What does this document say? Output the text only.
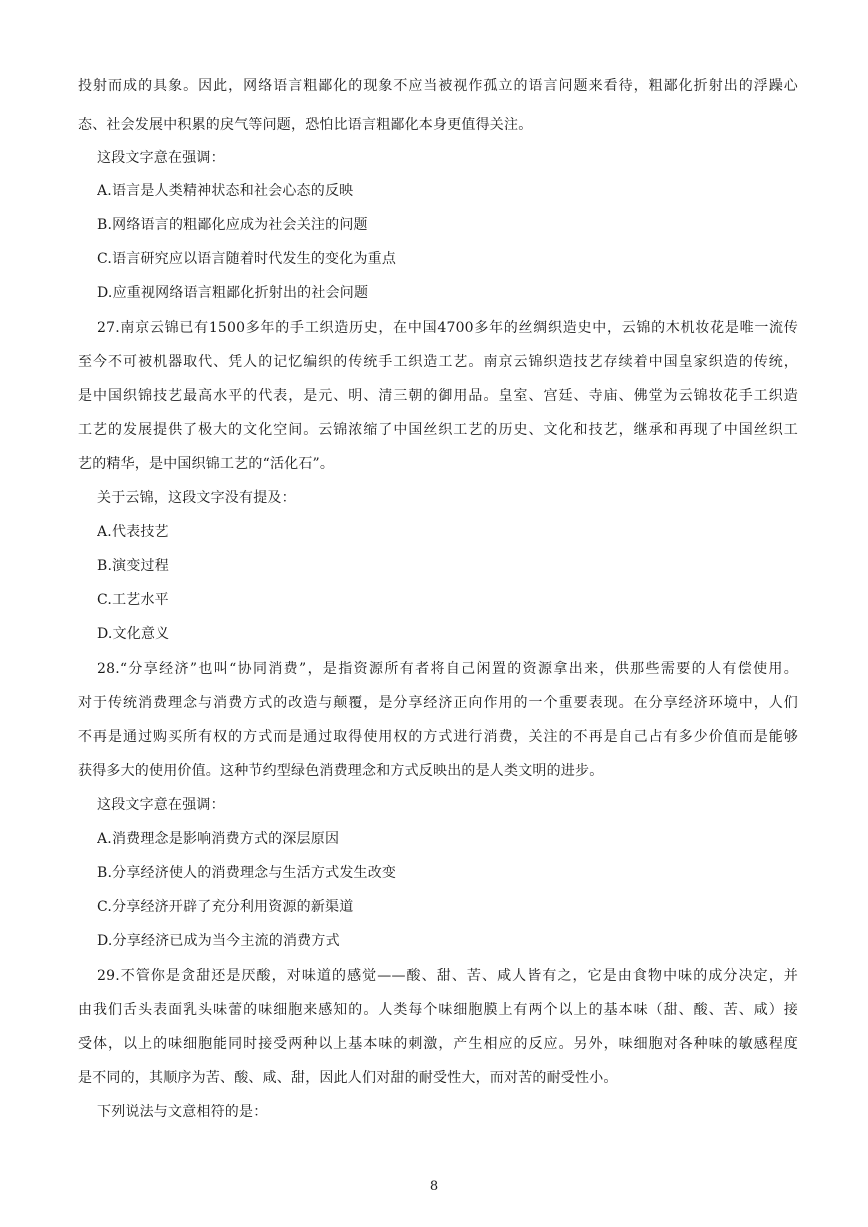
投射而成的具象。因此，网络语言粗鄙化的现象不应当被视作孤立的语言问题来看待，粗鄙化折射出的浮躁心
态、社会发展中积累的戾气等问题，恐怕比语言粗鄙化本身更值得关注。
这段文字意在强调：
A.语言是人类精神状态和社会心态的反映
B.网络语言的粗鄙化应成为社会关注的问题
C.语言研究应以语言随着时代发生的变化为重点
D.应重视网络语言粗鄙化折射出的社会问题
27.南京云锦已有1500多年的手工织造历史，在中国4700多年的丝绸织造史中，云锦的木机妆花是唯一流传
至今不可被机器取代、凭人的记忆编织的传统手工织造工艺。南京云锦织造技艺存续着中国皇家织造的传统，
是中国织锦技艺最高水平的代表，是元、明、清三朝的御用品。皇室、宫廷、寺庙、佛堂为云锦妆花手工织造
工艺的发展提供了极大的文化空间。云锦浓缩了中国丝织工艺的历史、文化和技艺，继承和再现了中国丝织工
艺的精华，是中国织锦工艺的“活化石”。
关于云锦，这段文字没有提及：
A.代表技艺
B.演变过程
C.工艺水平
D.文化意义
28.“分享经济”也叫“协同消费”，是指资源所有者将自己闲置的资源拿出来，供那些需要的人有偿使用。
对于传统消费理念与消费方式的改造与颠覆，是分享经济正向作用的一个重要表现。在分享经济环境中，人们
不再是通过购买所有权的方式而是通过取得使用权的方式进行消费，关注的不再是自己占有多少价值而是能够
获得多大的使用价值。这种节约型绿色消费理念和方式反映出的是人类文明的进步。
这段文字意在强调：
A.消费理念是影响消费方式的深层原因
B.分享经济使人的消费理念与生活方式发生改变
C.分享经济开辟了充分利用资源的新渠道
D.分享经济已成为当今主流的消费方式
29.不管你是贪甜还是厌酸，对味道的感觉——酸、甜、苦、咸人皆有之，它是由食物中味的成分决定，并
由我们舌头表面乳头味蕾的味细胞来感知的。人类每个味细胞膜上有两个以上的基本味（甜、酸、苦、咸）接
受体，以上的味细胞能同时接受两种以上基本味的刺激，产生相应的反应。另外，味细胞对各种味的敏感程度
是不同的，其顺序为苦、酸、咸、甜，因此人们对甜的耐受性大，而对苦的耐受性小。
下列说法与文意相符的是：
8
